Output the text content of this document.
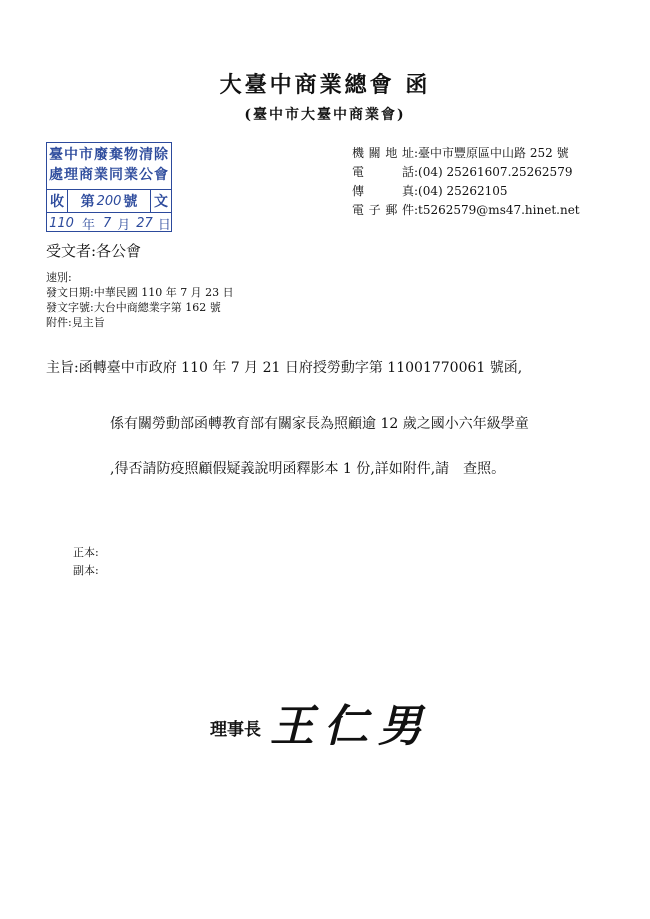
大臺中商業總會 函
(臺中市大臺中商業會)
臺中市廢棄物清除
處理商業同業公會
收 第 200 號 文
110 年 7 月 27 日
機關地址:臺中市豐原區中山路 252 號
電　　話:(04) 25261607.25262579
傳　　真:(04) 25262105
電子郵件:t5262579@ms47.hinet.net
受文者:各公會
速別:
發文日期:中華民國 110 年 7 月 23 日
發文字號:大台中商總業字第 162 號
附件:見主旨
主旨:函轉臺中市政府 110 年 7 月 21 日府授勞動字第 11001770061 號函,
係有關勞動部函轉教育部有關家長為照顧逾 12 歲之國小六年級學童
,得否請防疫照顧假疑義說明函釋影本 1 份,詳如附件,請　查照。
正本:
副本:
理事長 王仁男
